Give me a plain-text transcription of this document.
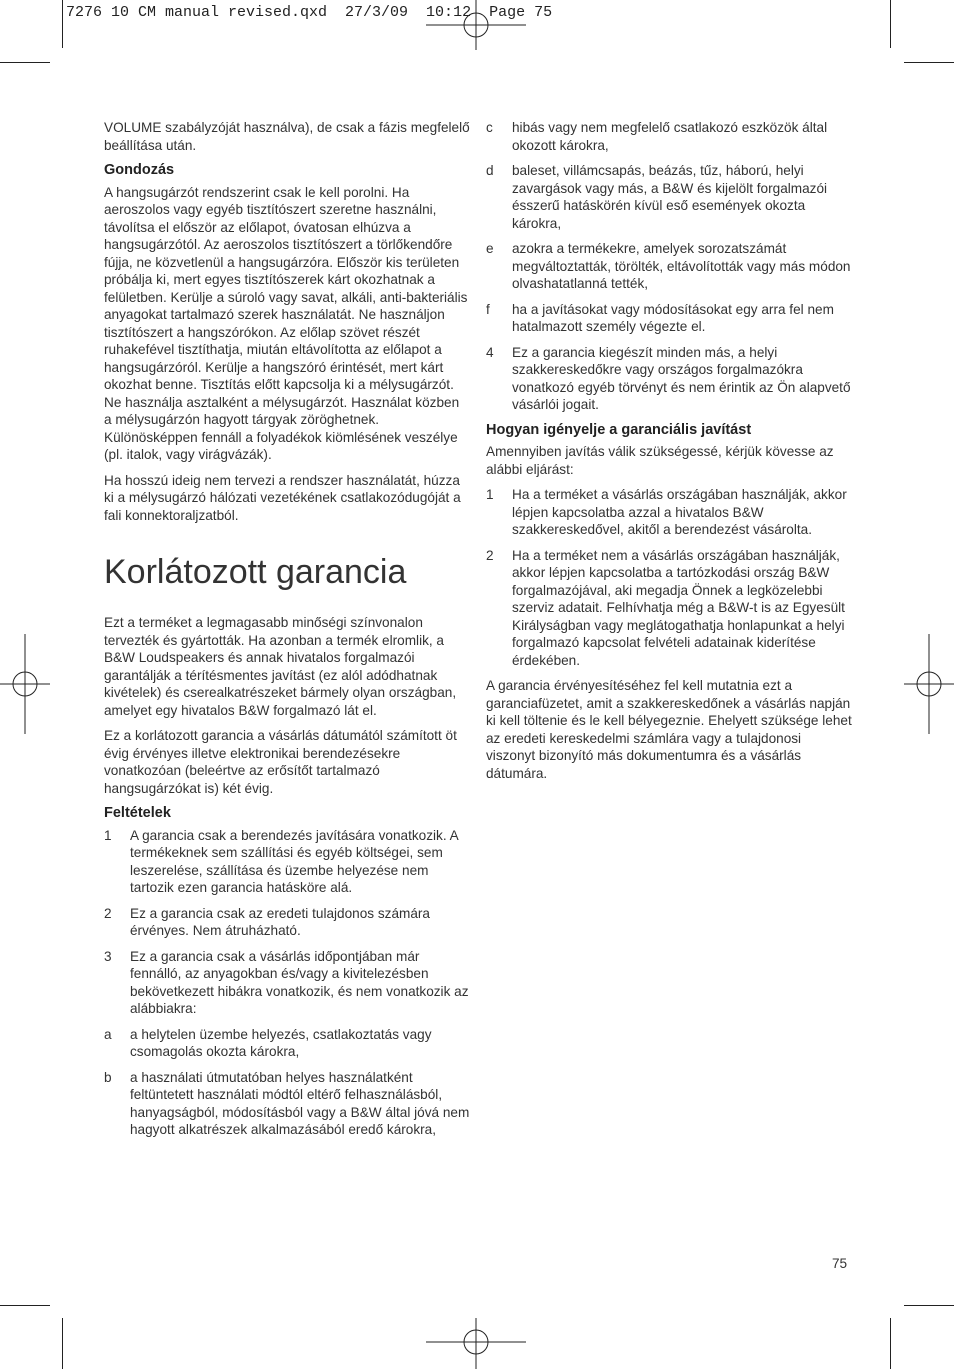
7276 10 CM manual revised.qxd  27/3/09  10:12  Page 75

VOLUME szabályzóját használva), de csak a fázis megfelelő beállítása után.

Gondozás

A hangsugárzót rendszerint csak le kell porolni. Ha aeroszolos vagy egyéb tisztítószert szeretne használni, távolítsa el először az előlapot, óvatosan elhúzva a hangsugárzótól. Az aeroszolos tisztítószert a törlőkendőre fújja, ne közvetlenül a hangsugárzóra. Először kis területen próbálja ki, mert egyes tisztítószerek kárt okozhatnak a felületben. Kerülje a súroló vagy savat, alkáli, anti-bakteriális anyagokat tartalmazó szerek használatát. Ne használjon tisztítószert a hangszórókon. Az előlap szövet részét ruhakefével tisztíthatja, miután eltávolította az előlapot a hangsugárzóról. Kerülje a hangszóró érintését, mert kárt okozhat benne. Tisztítás előtt kapcsolja ki a mélysugárzót. Ne használja asztalként a mélysugárzót. Használat közben a mélysugárzón hagyott tárgyak zöröghetnek. Különösképpen fennáll a folyadékok kiömlésének veszélye (pl. italok, vagy virágvázák).

Ha hosszú ideig nem tervezi a rendszer használatát, húzza ki a mélysugárzó hálózati vezetékének csatlakozódugóját a fali konnektoraljzatból.

Korlátozott garancia

Ezt a terméket a legmagasabb minőségi színvonalon tervezték és gyártották. Ha azonban a termék elromlik, a B&W Loudspeakers és annak hivatalos forgalmazói garantálják a térítésmentes javítást (ez alól adódhatnak kivételek) és cserealkatrészeket bármely olyan országban, amelyet egy hivatalos B&W forgalmazó lát el.

Ez a korlátozott garancia a vásárlás dátumától számított öt évig érvényes illetve elektronikai berendezésekre vonatkozóan (beleértve az erősítőt tartalmazó hangsugárzókat is) két évig.

Feltételek
1	A garancia csak a berendezés javítására vonatkozik. A termékeknek sem szállítási és egyéb költségei, sem leszerelése, szállítása és üzembe helyezése nem tartozik ezen garancia hatásköre alá.
2	Ez a garancia csak az eredeti tulajdonos számára érvényes. Nem átruházható.
3	Ez a garancia csak a vásárlás időpontjában már fennálló, az anyagokban és/vagy a kivitelezésben bekövetkezett hibákra vonatkozik, és nem vonatkozik az alábbiakra:
a	a helytelen üzembe helyezés, csatlakoztatás vagy csomagolás okozta károkra,
b	a használati útmutatóban helyes használatként feltüntetett használati módtól eltérő felhasználásból, hanyagságból, módosításból vagy a B&W által jóvá nem hagyott alkatrészek alkalmazásából eredő károkra,
c	hibás vagy nem megfelelő csatlakozó eszközök által okozott károkra,
d	baleset, villámcsapás, beázás, tűz, háború, helyi zavargások vagy más, a B&W és kijelölt forgalmazói ésszerű hatáskörén kívül eső események okozta károkra,
e	azokra a termékekre, amelyek sorozatszámát megváltoztatták, törölték, eltávolították vagy más módon olvashatatlanná tették,
f	ha a javításokat vagy módosításokat egy arra fel nem hatalmazott személy végezte el.
4	Ez a garancia kiegészít minden más, a helyi szakkereskedőkre vagy országos forgalmazókra vonatkozó egyéb törvényt és nem érintik az Ön alapvető vásárlói jogait.
Hogyan igényelje a garanciális javítást

Amennyiben javítás válik szükségessé, kérjük kövesse az alábbi eljárást:

1	Ha a terméket a vásárlás országában használják, akkor lépjen kapcsolatba azzal a hivatalos B&W szakkereskedővel, akitől a berendezést vásárolta.
2	Ha a terméket nem a vásárlás országában használják, akkor lépjen kapcsolatba a tartózkodási ország B&W forgalmazójával, aki megadja Önnek a legközelebbi szerviz adatait. Felhívhatja még a B&W-t is az Egyesült Királyságban vagy meglátogathatja honlapunkat a helyi forgalmazó kapcsolat felvételi adatainak kiderítése érdekében.

A garancia érvényesítéséhez fel kell mutatnia ezt a garanciafüzetet, amit a szakkereskedőnek a vásárlás napján ki kell töltenie és le kell bélyegeznie. Ehelyett szüksége lehet az eredeti kereskedelmi számlára vagy a tulajdonosi viszonyt bizonyító más dokumentumra és a vásárlás dátumára.

75
